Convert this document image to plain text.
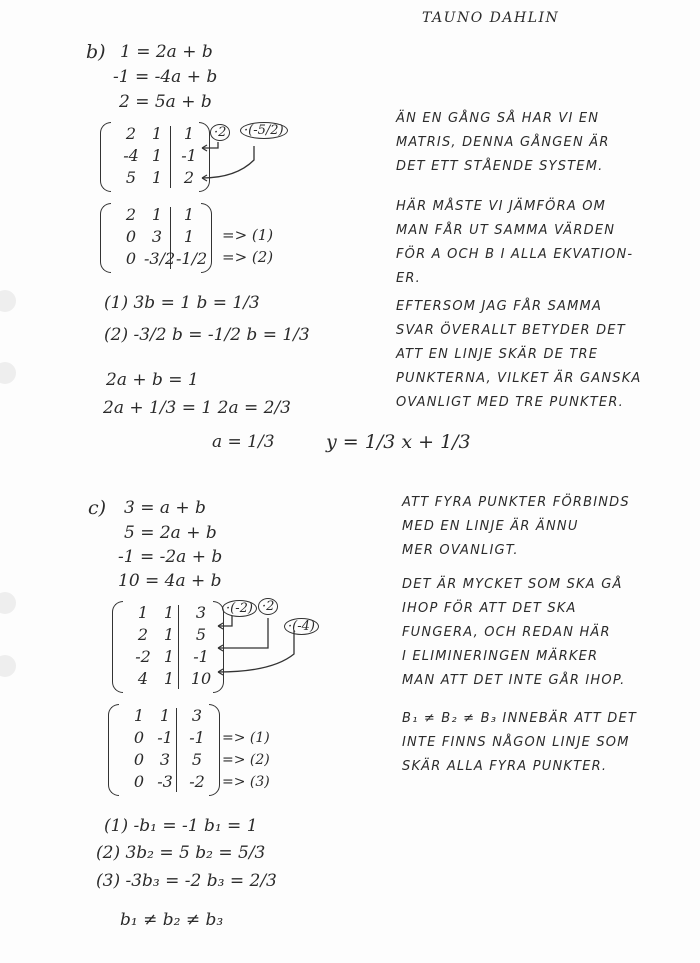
TAUNO DAHLIN
b) 1 = 2a + b
-1 = -4a + b
2 = 5a + b
2 1	1
-4 1	-1
5 1	2
·2	·(-5/2)
2 1	1
0 3	1
0 -3/2 -1/2
=> (1)
=> (2)
(1) 3b = 1 b = 1/3
(2) -3/2 b = -1/2 b = 1/3
2a + b = 1
2a + 1/3 = 1 2a = 2/3
a = 1/3	y = 1/3 x + 1/3
ÄN EN GÅNG SÅ HAR VI EN
MATRIS, DENNA GÅNGEN ÄR
DET ETT STÅENDE SYSTEM.
HÄR MÅSTE VI JÄMFÖRA OM
MAN FÅR UT SAMMA VÄRDEN
FÖR A OCH B I ALLA EKVATION-
ER.
EFTERSOM JAG FÅR SAMMA
SVAR ÖVERALLT BETYDER DET
ATT EN LINJE SKÄR DE TRE
PUNKTERNA, VILKET ÄR GANSKA
OVANLIGT MED TRE PUNKTER.
c) 3 = a + b
5 = 2a + b
-1 = -2a + b
10 = 4a + b
1 1	3
2 1	5
-2 1	-1
4 1	10
·(-2) ·2
·(-4)
1 1	3
0 -1	-1
0 3	5
0 -3	-2
=> (1)
=> (2)
=> (3)
(1) -b₁ = -1 b₁ = 1
(2) 3b₂ = 5 b₂ = 5/3
(3) -3b₃ = -2 b₃ = 2/3
b₁ ≠ b₂ ≠ b₃
ATT FYRA PUNKTER FÖRBINDS
MED EN LINJE ÄR ÄNNU
MER OVANLIGT.
DET ÄR MYCKET SOM SKA GÅ
IHOP FÖR ATT DET SKA
FUNGERA, OCH REDAN HÄR
I ELIMINERINGEN MÄRKER
MAN ATT DET INTE GÅR IHOP.
B₁ ≠ B₂ ≠ B₃ INNEBÄR ATT DET
INTE FINNS NÅGON LINJE SOM
SKÄR ALLA FYRA PUNKTER.
